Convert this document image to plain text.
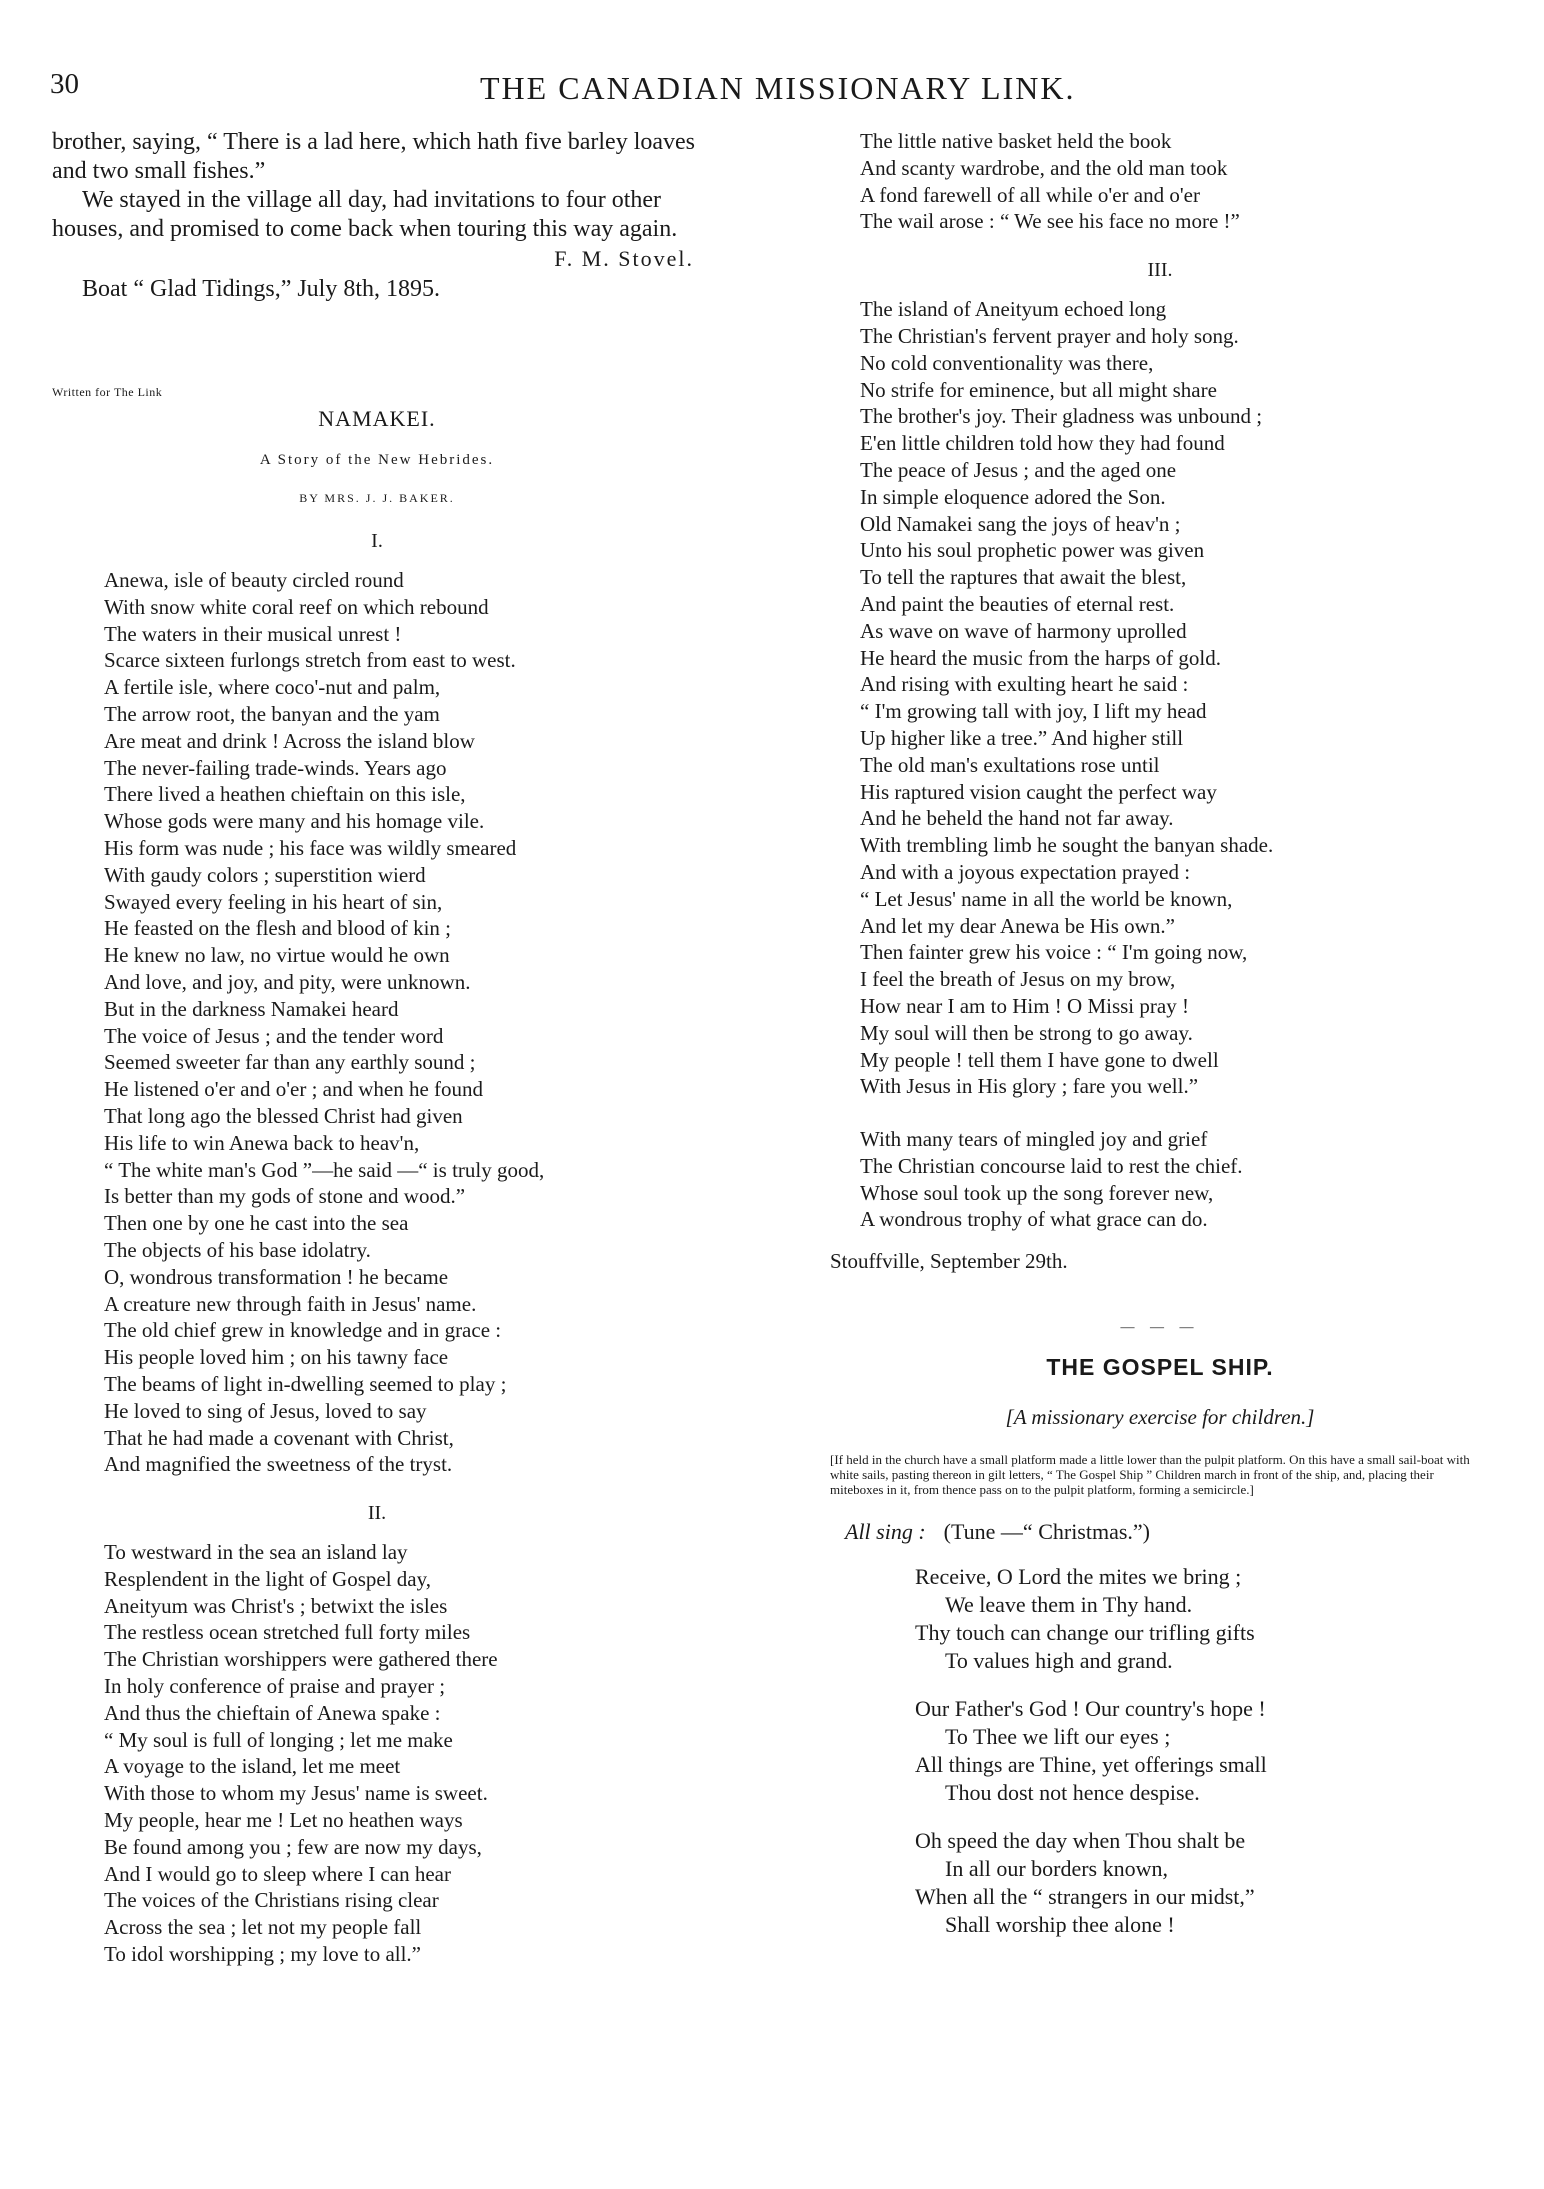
30	THE CANADIAN MISSIONARY LINK.

brother, saying, “ There is a lad here, which hath five barley loaves and two small fishes.”

We stayed in the village all day, had invitations to four other houses, and promised to come back when touring this way again.

F. M. Stovel.

Boat “ Glad Tidings,” July 8th, 1895.

Written for The Link

NAMAKEI.

A Story of the New Hebrides.

BY MRS. J. J. BAKER.

I.

Anewa, isle of beauty circled round
With snow white coral reef on which rebound
The waters in their musical unrest !
Scarce sixteen furlongs stretch from east to west.
A fertile isle, where coco'-nut and palm,
The arrow root, the banyan and the yam
Are meat and drink ! Across the island blow
The never-failing trade-winds. Years ago
There lived a heathen chieftain on this isle,
Whose gods were many and his homage vile.
His form was nude ; his face was wildly smeared
With gaudy colors ; superstition wierd
Swayed every feeling in his heart of sin,
He feasted on the flesh and blood of kin ;
He knew no law, no virtue would he own
And love, and joy, and pity, were unknown.
But in the darkness Namakei heard
The voice of Jesus ; and the tender word
Seemed sweeter far than any earthly sound ;
He listened o'er and o'er ; and when he found
That long ago the blessed Christ had given
His life to win Anewa back to heav'n,
“ The white man's God ”—he said —“ is truly good,
Is better than my gods of stone and wood.”
Then one by one he cast into the sea
The objects of his base idolatry.
O, wondrous transformation ! he became
A creature new through faith in Jesus' name.
The old chief grew in knowledge and in grace :
His people loved him ; on his tawny face
The beams of light in-dwelling seemed to play ;
He loved to sing of Jesus, loved to say
That he had made a covenant with Christ,
And magnified the sweetness of the tryst.

II.

To westward in the sea an island lay
Resplendent in the light of Gospel day,
Aneityum was Christ's ; betwixt the isles
The restless ocean stretched full forty miles
The Christian worshippers were gathered there
In holy conference of praise and prayer ;
And thus the chieftain of Anewa spake :
“ My soul is full of longing ; let me make
A voyage to the island, let me meet
With those to whom my Jesus' name is sweet.
My people, hear me ! Let no heathen ways
Be found among you ; few are now my days,
And I would go to sleep where I can hear
The voices of the Christians rising clear
Across the sea ; let not my people fall
To idol worshipping ; my love to all.”
The little native basket held the book
And scanty wardrobe, and the old man took
A fond farewell of all while o'er and o'er
The wail arose : “ We see his face no more !”

III.

The island of Aneityum echoed long
The Christian's fervent prayer and holy song.
No cold conventionality was there,
No strife for eminence, but all might share
The brother's joy. Their gladness was unbound ;
E'en little children told how they had found
The peace of Jesus ; and the aged one
In simple eloquence adored the Son.
Old Namakei sang the joys of heav'n ;
Unto his soul prophetic power was given
To tell the raptures that await the blest,
And paint the beauties of eternal rest.
As wave on wave of harmony uprolled
He heard the music from the harps of gold.
And rising with exulting heart he said :
“ I'm growing tall with joy, I lift my head
Up higher like a tree.” And higher still
The old man's exultations rose until
His raptured vision caught the perfect way
And he beheld the hand not far away.
With trembling limb he sought the banyan shade.
And with a joyous expectation prayed :
“ Let Jesus' name in all the world be known,
And let my dear Anewa be His own.”
Then fainter grew his voice : “ I'm going now,
I feel the breath of Jesus on my brow,
How near I am to Him ! O Missi pray !
My soul will then be strong to go away.
My people ! tell them I have gone to dwell
With Jesus in His glory ; fare you well.”
With many tears of mingled joy and grief
The Christian concourse laid to rest the chief.
Whose soul took up the song forever new,
A wondrous trophy of what grace can do.

Stouffville, September 29th.

— — —

THE GOSPEL SHIP.

[A missionary exercise for children.]

[If held in the church have a small platform made a little lower than the pulpit platform. On this have a small sail-boat with white sails, pasting thereon in gilt letters, “ The Gospel Ship ” Children march in front of the ship, and, placing their miteboxes in it, from thence pass on to the pulpit platform, forming a semicircle.]

All sing : (Tune —“ Christmas.”)

Receive, O Lord the mites we bring ;
We leave them in Thy hand.
Thy touch can change our trifling gifts
To values high and grand.
Our Father's God ! Our country's hope !
To Thee we lift our eyes ;
All things are Thine, yet offerings small
Thou dost not hence despise.
Oh speed the day when Thou shalt be
In all our borders known,
When all the “ strangers in our midst,”
Shall worship thee alone !
